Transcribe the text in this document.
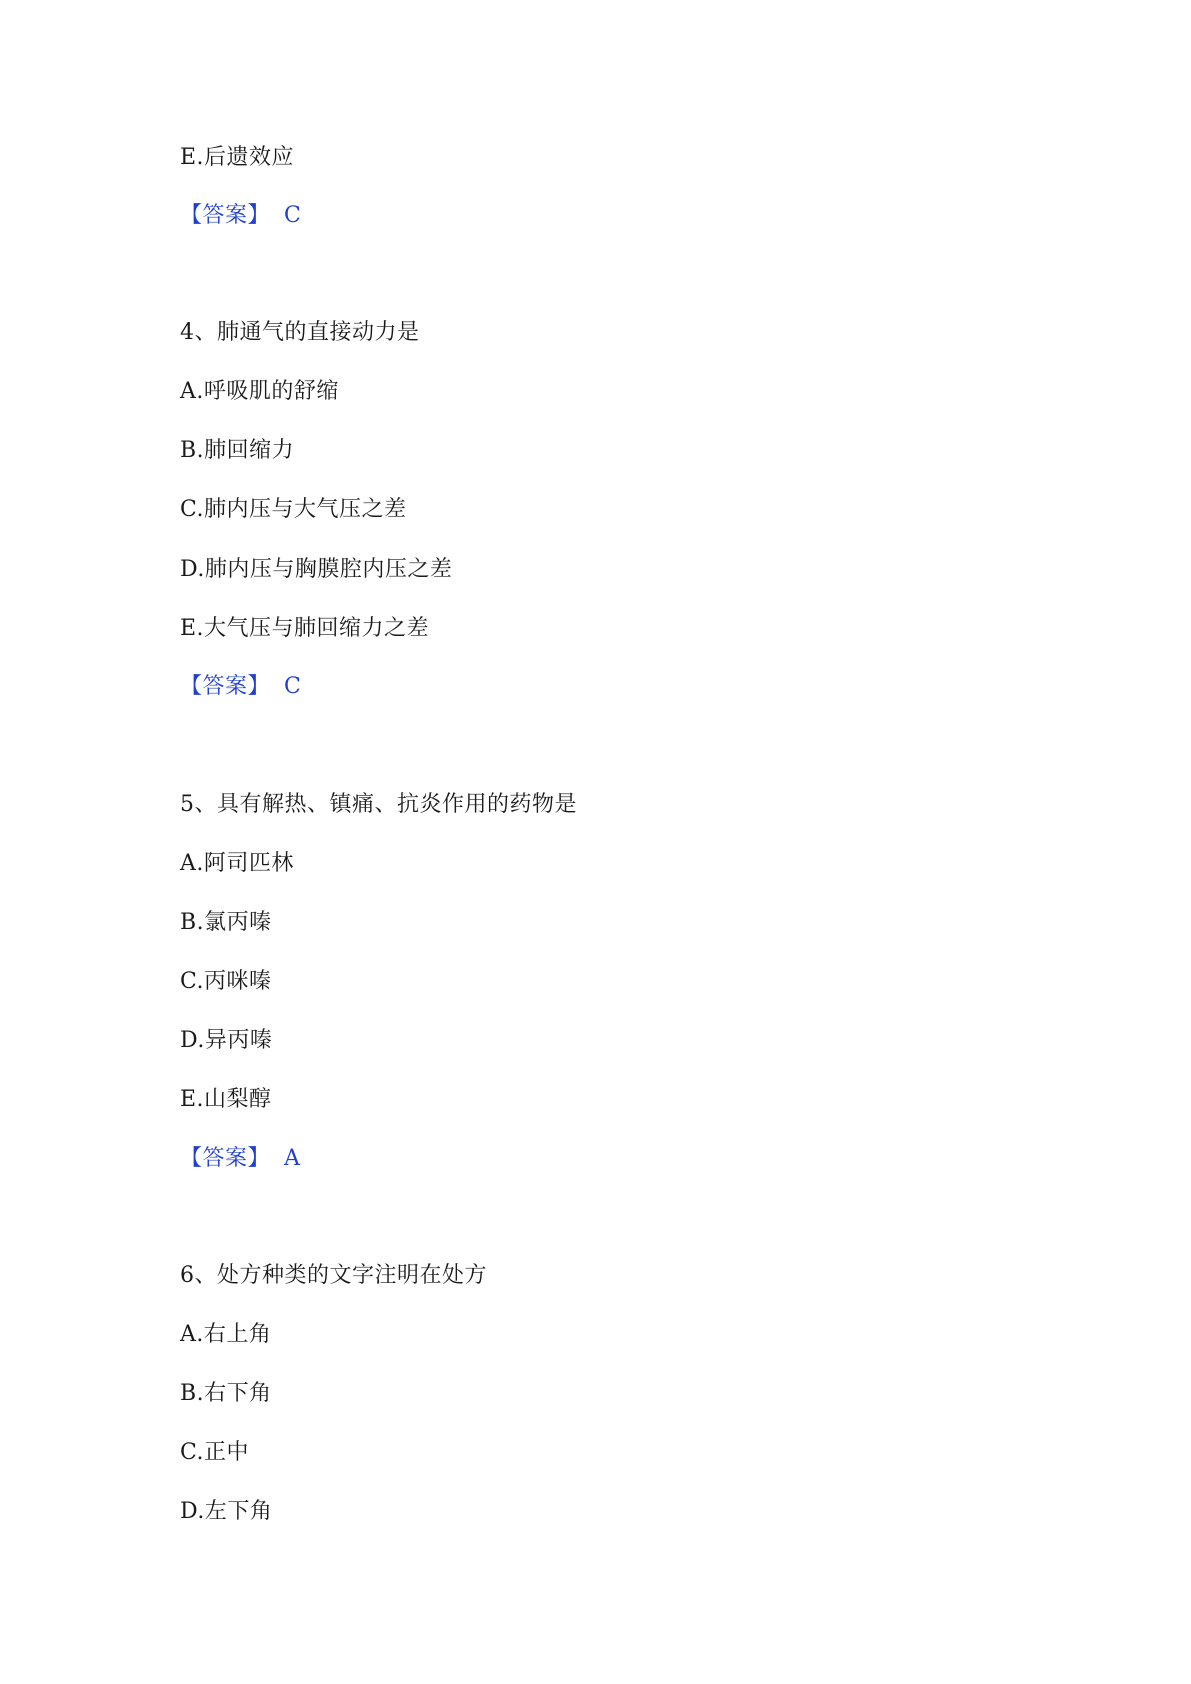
E.后遗效应
【答案】 C
4、肺通气的直接动力是
A.呼吸肌的舒缩
B.肺回缩力
C.肺内压与大气压之差
D.肺内压与胸膜腔内压之差
E.大气压与肺回缩力之差
【答案】 C
5、具有解热、镇痛、抗炎作用的药物是
A.阿司匹林
B.氯丙嗪
C.丙咪嗪
D.异丙嗪
E.山梨醇
【答案】 A
6、处方种类的文字注明在处方
A.右上角
B.右下角
C.正中
D.左下角
